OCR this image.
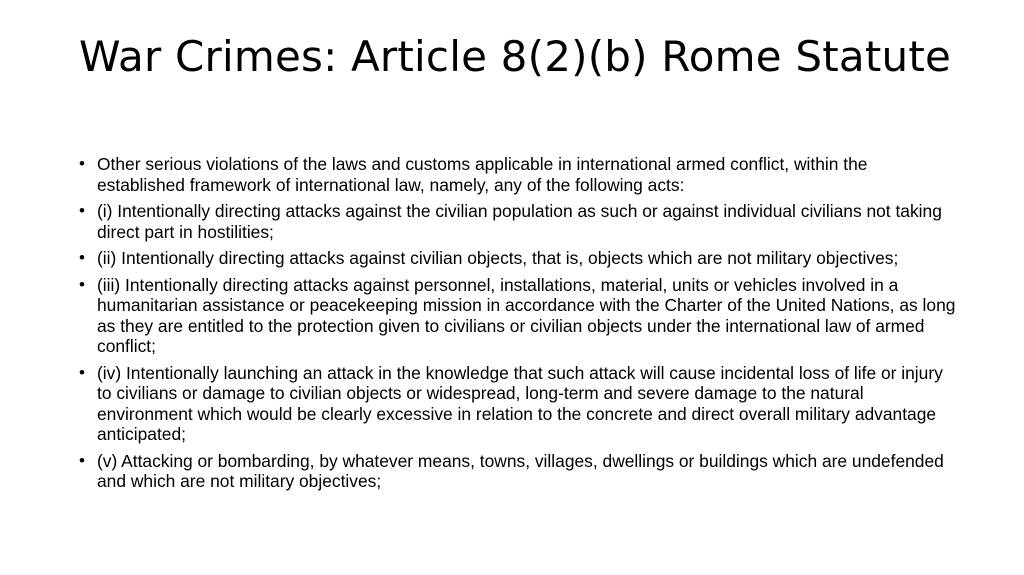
War Crimes: Article 8(2)(b) Rome Statute
• Other serious violations of the laws and customs applicable in international armed conflict, within the established framework of international law, namely, any of the following acts:
• (i) Intentionally directing attacks against the civilian population as such or against individual civilians not taking direct part in hostilities;
• (ii) Intentionally directing attacks against civilian objects, that is, objects which are not military objectives;
• (iii) Intentionally directing attacks against personnel, installations, material, units or vehicles involved in a humanitarian assistance or peacekeeping mission in accordance with the Charter of the United Nations, as long as they are entitled to the protection given to civilians or civilian objects under the international law of armed conflict;
• (iv) Intentionally launching an attack in the knowledge that such attack will cause incidental loss of life or injury to civilians or damage to civilian objects or widespread, long-term and severe damage to the natural environment which would be clearly excessive in relation to the concrete and direct overall military advantage anticipated;
• (v) Attacking or bombarding, by whatever means, towns, villages, dwellings or buildings which are undefended and which are not military objectives;
